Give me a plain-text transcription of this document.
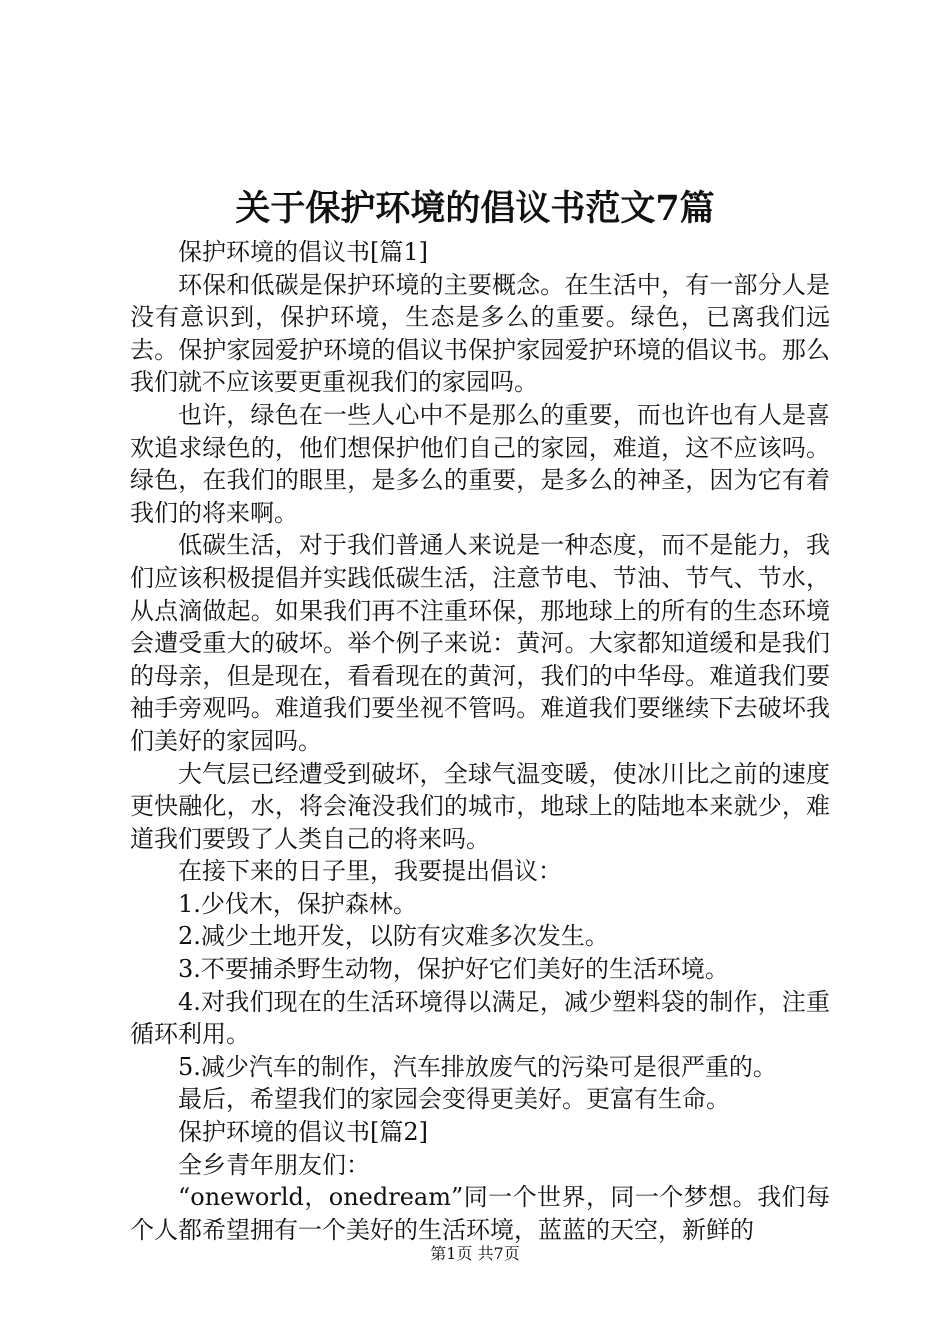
关于保护环境的倡议书范文7篇

保护环境的倡议书[篇1]

环保和低碳是保护环境的主要概念。在生活中，有一部分人是没有意识到，保护环境，生态是多么的重要。绿色，已离我们远去。保护家园爱护环境的倡议书保护家园爱护环境的倡议书。那么我们就不应该要更重视我们的家园吗。

也许，绿色在一些人心中不是那么的重要，而也许也有人是喜欢追求绿色的，他们想保护他们自己的家园，难道，这不应该吗。绿色，在我们的眼里，是多么的重要，是多么的神圣，因为它有着我们的将来啊。

低碳生活，对于我们普通人来说是一种态度，而不是能力，我们应该积极提倡并实践低碳生活，注意节电、节油、节气、节水，从点滴做起。如果我们再不注重环保，那地球上的所有的生态环境会遭受重大的破坏。举个例子来说：黄河。大家都知道缓和是我们的母亲，但是现在，看看现在的黄河，我们的中华母。难道我们要袖手旁观吗。难道我们要坐视不管吗。难道我们要继续下去破坏我们美好的家园吗。

大气层已经遭受到破坏，全球气温变暖，使冰川比之前的速度更快融化，水，将会淹没我们的城市，地球上的陆地本来就少，难道我们要毁了人类自己的将来吗。

在接下来的日子里，我要提出倡议：

1.少伐木，保护森林。

2.减少土地开发，以防有灾难多次发生。

3.不要捕杀野生动物，保护好它们美好的生活环境。

4.对我们现在的生活环境得以满足，减少塑料袋的制作，注重循环利用。

5.减少汽车的制作，汽车排放废气的污染可是很严重的。

最后，希望我们的家园会变得更美好。更富有生命。

保护环境的倡议书[篇2]

全乡青年朋友们：

“oneworld，onedream”同一个世界，同一个梦想。我们每个人都希望拥有一个美好的生活环境，蓝蓝的天空，新鲜的

第1页 共7页
